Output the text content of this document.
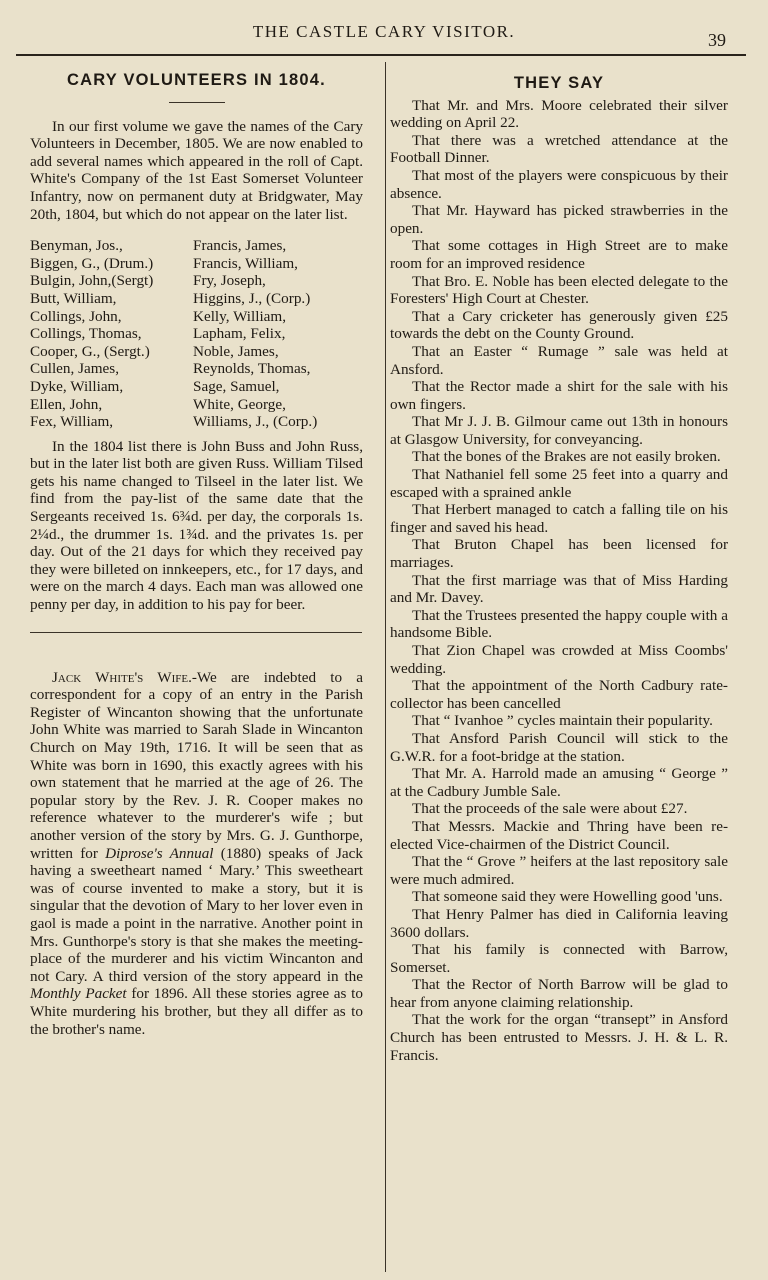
THE CASTLE CARY VISITOR.	39
CARY VOLUNTEERS IN 1804.

In our first volume we gave the names of the Cary Volunteers in December, 1805. We are now enabled to add several names which appeared in the roll of Capt. White's Company of the 1st East Somerset Volunteer Infantry, now on permanent duty at Bridgwater, May 20th, 1804, but which do not appear on the later list.

Benyman, Jos.,	Francis, James,
Biggen, G., (Drum.)	Francis, William,
Bulgin, John,(Sergt)	Fry, Joseph,
Butt, William,	Higgins, J., (Corp.)
Collings, John,	Kelly, William,
Collings, Thomas,	Lapham, Felix,
Cooper, G., (Sergt.)	Noble, James,
Cullen, James,	Reynolds, Thomas,
Dyke, William,	Sage, Samuel,
Ellen, John,	White, George,
Fex, William,	Williams, J., (Corp.)

In the 1804 list there is John Buss and John Russ, but in the later list both are given Russ. William Tilsed gets his name changed to Tilseel in the later list. We find from the pay-list of the same date that the Sergeants received 1s. 6¾d. per day, the corporals 1s. 2¼d., the drummer 1s. 1¾d. and the privates 1s. per day. Out of the 21 days for which they received pay they were billeted on innkeepers, etc., for 17 days, and were on the march 4 days. Each man was allowed one penny per day, in addition to his pay for beer.

Jack White's Wife.-We are indebted to a correspondent for a copy of an entry in the Parish Register of Wincanton showing that the unfortunate John White was married to Sarah Slade in Wincanton Church on May 19th, 1716. It will be seen that as White was born in 1690, this exactly agrees with his own statement that he married at the age of 26. The popular story by the Rev. J. R. Cooper makes no reference whatever to the murderer's wife ; but another version of the story by Mrs. G. J. Gunthorpe, written for Diprose's Annual (1880) speaks of Jack having a sweetheart named ‘ Mary.’ This sweetheart was of course invented to make a story, but it is singular that the devotion of Mary to her lover even in gaol is made a point in the narrative. Another point in Mrs. Gunthorpe's story is that she makes the meeting-place of the murderer and his victim Wincanton and not Cary. A third version of the story appeard in the Monthly Packet for 1896. All these stories agree as to White murdering his brother, but they all differ as to the brother's name.

THEY SAY

That Mr. and Mrs. Moore celebrated their silver wedding on April 22.

That there was a wretched attendance at the Football Dinner.

That most of the players were conspicuous by their absence.

That Mr. Hayward has picked strawberries in the open.

That some cottages in High Street are to make room for an improved residence

That Bro. E. Noble has been elected delegate to the Foresters' High Court at Chester.

That a Cary cricketer has generously given £25 towards the debt on the County Ground.

That an Easter “ Rumage ” sale was held at Ansford.

That the Rector made a shirt for the sale with his own fingers.

That Mr J. J. B. Gilmour came out 13th in honours at Glasgow University, for conveyancing.

That the bones of the Brakes are not easily broken.

That Nathaniel fell some 25 feet into a quarry and escaped with a sprained ankle

That Herbert managed to catch a falling tile on his finger and saved his head.

That Bruton Chapel has been licensed for marriages.

That the first marriage was that of Miss Harding and Mr. Davey.

That the Trustees presented the happy couple with a handsome Bible.

That Zion Chapel was crowded at Miss Coombs' wedding.

That the appointment of the North Cadbury rate-collector has been cancelled

That “ Ivanhoe ” cycles maintain their popularity.

That Ansford Parish Council will stick to the G.W.R. for a foot-bridge at the station.

That Mr. A. Harrold made an amusing “ George ” at the Cadbury Jumble Sale.

That the proceeds of the sale were about £27.

That Messrs. Mackie and Thring have been re-elected Vice-chairmen of the District Council.

That the “ Grove ” heifers at the last repository sale were much admired.

That someone said they were Howelling good 'uns.

That Henry Palmer has died in California leaving 3600 dollars.

That his family is connected with Barrow, Somerset.

That the Rector of North Barrow will be glad to hear from anyone claiming relationship.

That the work for the organ “transept” in Ansford Church has been entrusted to Messrs. J. H. & L. R. Francis.
